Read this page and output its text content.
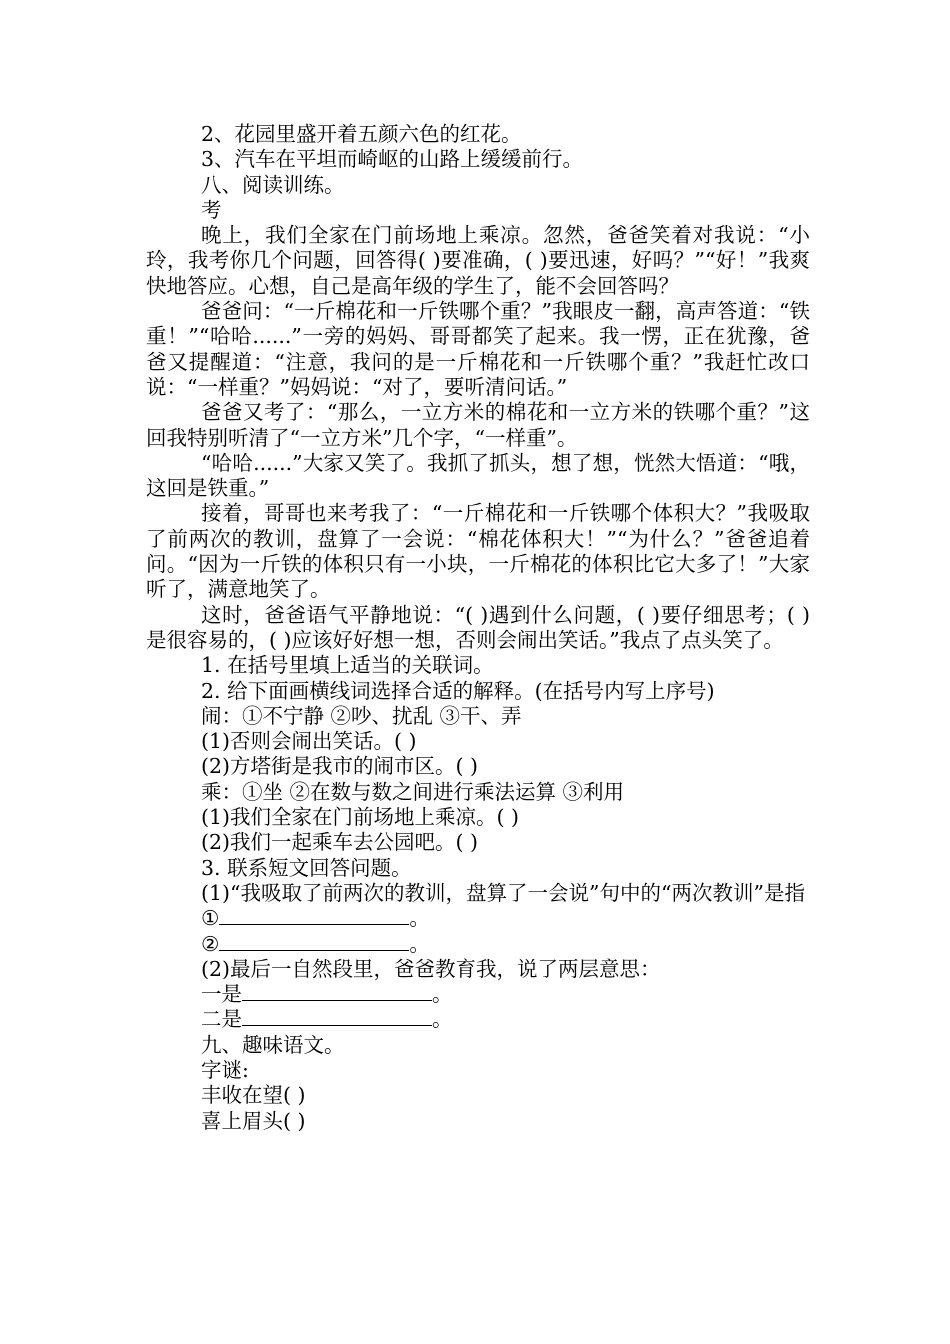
2、花园里盛开着五颜六色的红花。

3、汽车在平坦而崎岖的山路上缓缓前行。

八、阅读训练。

考

晚上，我们全家在门前场地上乘凉。忽然，爸爸笑着对我说：“小玲，我考你几个问题，回答得( )要准确，( )要迅速，好吗？”“好！”我爽快地答应。心想，自己是高年级的学生了，能不会回答吗？

爸爸问：“一斤棉花和一斤铁哪个重？”我眼皮一翻，高声答道：“铁重！”“哈哈......”一旁的妈妈、哥哥都笑了起来。我一愣，正在犹豫，爸爸又提醒道：“注意，我问的是一斤棉花和一斤铁哪个重？”我赶忙改口说：“一样重？”妈妈说：“对了，要听清问话。”

爸爸又考了：“那么，一立方米的棉花和一立方米的铁哪个重？”这回我特别听清了“一立方米”几个字，“一样重”。

“哈哈......”大家又笑了。我抓了抓头，想了想，恍然大悟道：“哦，这回是铁重。”

接着，哥哥也来考我了：“一斤棉花和一斤铁哪个体积大？”我吸取了前两次的教训，盘算了一会说：“棉花体积大！”“为什么？”爸爸追着问。“因为一斤铁的体积只有一小块，一斤棉花的体积比它大多了！”大家听了，满意地笑了。

这时，爸爸语气平静地说：“( )遇到什么问题，( )要仔细思考；( )是很容易的，( )应该好好想一想，否则会闹出笑话。”我点了点头笑了。

1. 在括号里填上适当的关联词。

2. 给下面画横线词选择合适的解释。(在括号内写上序号)

闹：①不宁静 ②吵、扰乱 ③干、弄

(1)否则会闹出笑话。( )

(2)方塔街是我市的闹市区。( )

乘：①坐 ②在数与数之间进行乘法运算 ③利用

(1)我们全家在门前场地上乘凉。( )

(2)我们一起乘车去公园吧。( )

3. 联系短文回答问题。

(1)“我吸取了前两次的教训，盘算了一会说”句中的“两次教训”是指

①	。

②	。

(2)最后一自然段里，爸爸教育我，说了两层意思：

一是	。

二是	。

九、趣味语文。

字谜:

丰收在望( )

喜上眉头( )
